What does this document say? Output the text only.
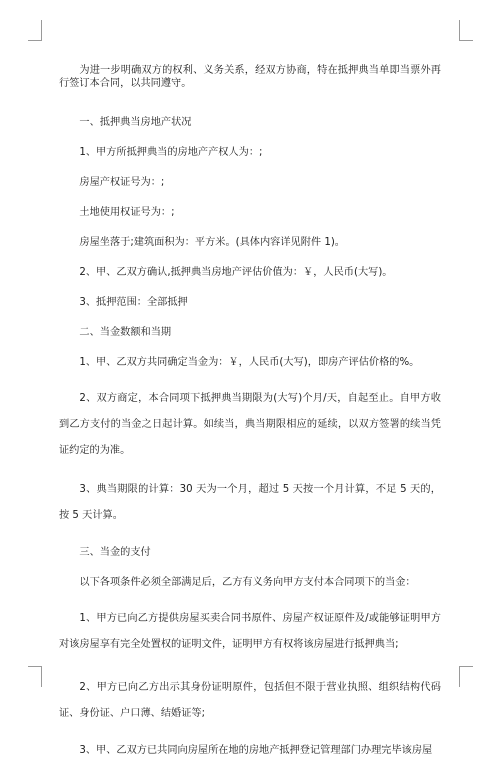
为进一步明确双方的权利、义务关系，经双方协商，特在抵押典当单即当票外再行签订本合同，以共同遵守。

一、抵押典当房地产状况

1、甲方所抵押典当的房地产产权人为：;

房屋产权证号为：;

土地使用权证号为：;

房屋坐落于;建筑面积为：平方米。(具体内容详见附件 1)。

2、甲、乙双方确认,抵押典当房地产评估价值为：￥，人民币(大写)。

3、抵押范围：全部抵押

二、当金数额和当期

1、甲、乙双方共同确定当金为：￥，人民币(大写)，即房产评估价格的%。

2、双方商定，本合同项下抵押典当期限为(大写)个月/天，自起至止。自甲方收到乙方支付的当金之日起计算。如续当，典当期限相应的延续，以双方签署的续当凭证约定的为准。

3、典当期限的计算：30 天为一个月，超过 5 天按一个月计算，不足 5 天的，按 5 天计算。

三、当金的支付

以下各项条件必须全部满足后，乙方有义务向甲方支付本合同项下的当金：

1、甲方已向乙方提供房屋买卖合同书原件、房屋产权证原件及/或能够证明甲方对该房屋享有完全处置权的证明文件，证明甲方有权将该房屋进行抵押典当;

2、甲方已向乙方出示其身份证明原件，包括但不限于营业执照、组织结构代码证、身份证、户口薄、结婚证等;

3、甲、乙双方已共同向房屋所在地的房地产抵押登记管理部门办理完毕该房屋
